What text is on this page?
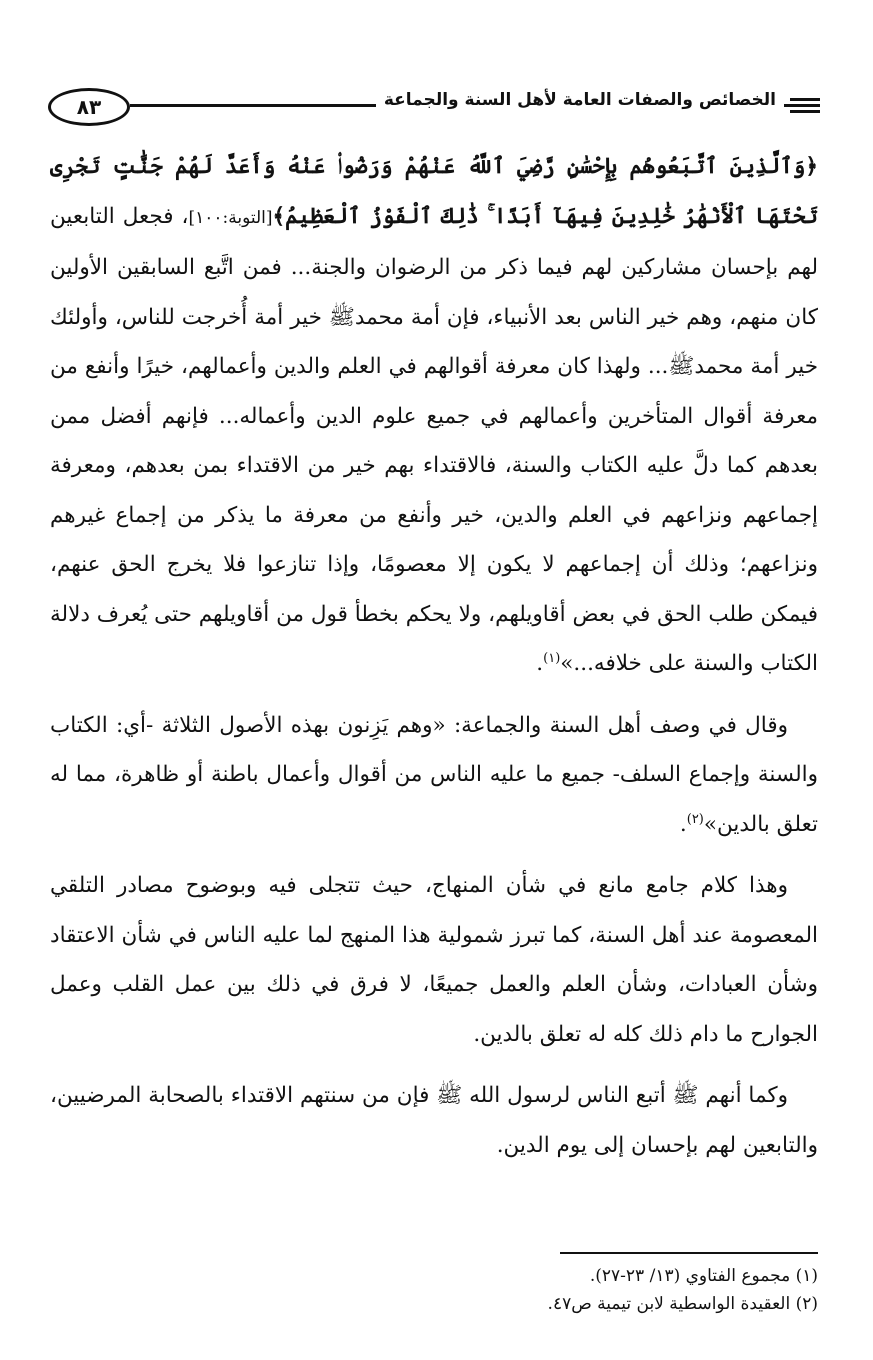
٨٣	الخصائص والصفات العامة لأهل السنة والجماعة

﴿وَٱلَّذِينَ ٱتَّبَعُوهُم بِإِحْسَٰنٍ رَّضِيَ ٱللَّهُ عَنْهُمْ وَرَضُوا۟ عَنْهُ وَأَعَدَّ لَهُمْ جَنَّٰتٍ تَجْرِى تَحْتَهَا ٱلْأَنْهَٰرُ خَٰلِدِينَ فِيهَآ أَبَدًا ۚ ذَٰلِكَ ٱلْفَوْزُ ٱلْعَظِيمُ﴾[التوبة:١٠٠]، فجعل التابعين لهم بإحسان مشاركين لهم فيما ذكر من الرضوان والجنة... فمن اتَّبع السابقين الأولين كان منهم، وهم خير الناس بعد الأنبياء، فإن أمة محمدﷺ خير أمة أُخرجت للناس، وأولئك خير أمة محمدﷺ... ولهذا كان معرفة أقوالهم في العلم والدين وأعمالهم، خيرًا وأنفع من معرفة أقوال المتأخرين وأعمالهم في جميع علوم الدين وأعماله... فإنهم أفضل ممن بعدهم كما دلَّ عليه الكتاب والسنة، فالاقتداء بهم خير من الاقتداء بمن بعدهم، ومعرفة إجماعهم ونزاعهم في العلم والدين، خير وأنفع من معرفة ما يذكر من إجماع غيرهم ونزاعهم؛ وذلك أن إجماعهم لا يكون إلا معصومًا، وإذا تنازعوا فلا يخرج الحق عنهم، فيمكن طلب الحق في بعض أقاويلهم، ولا يحكم بخطأ قول من أقاويلهم حتى يُعرف دلالة الكتاب والسنة على خلافه...»$^{(١)}$.

وقال في وصف أهل السنة والجماعة: «وهم يَزِنون بهذه الأصول الثلاثة -أي: الكتاب والسنة وإجماع السلف- جميع ما عليه الناس من أقوال وأعمال باطنة أو ظاهرة، مما له تعلق بالدين»$^{(٢)}$.

وهذا كلام جامع مانع في شأن المنهاج، حيث تتجلى فيه وبوضوح مصادر التلقي المعصومة عند أهل السنة، كما تبرز شمولية هذا المنهج لما عليه الناس في شأن الاعتقاد وشأن العبادات، وشأن العلم والعمل جميعًا، لا فرق في ذلك بين عمل القلب وعمل الجوارح ما دام ذلك كله له تعلق بالدين.

وكما أنهم ﷺ أتبع الناس لرسول الله ﷺ فإن من سنتهم الاقتداء بالصحابة المرضيين، والتابعين لهم بإحسان إلى يوم الدين.

(١) مجموع الفتاوي (١٣/ ٢٣-٢٧).

(٢) العقيدة الواسطية لابن تيمية ص٤٧.
